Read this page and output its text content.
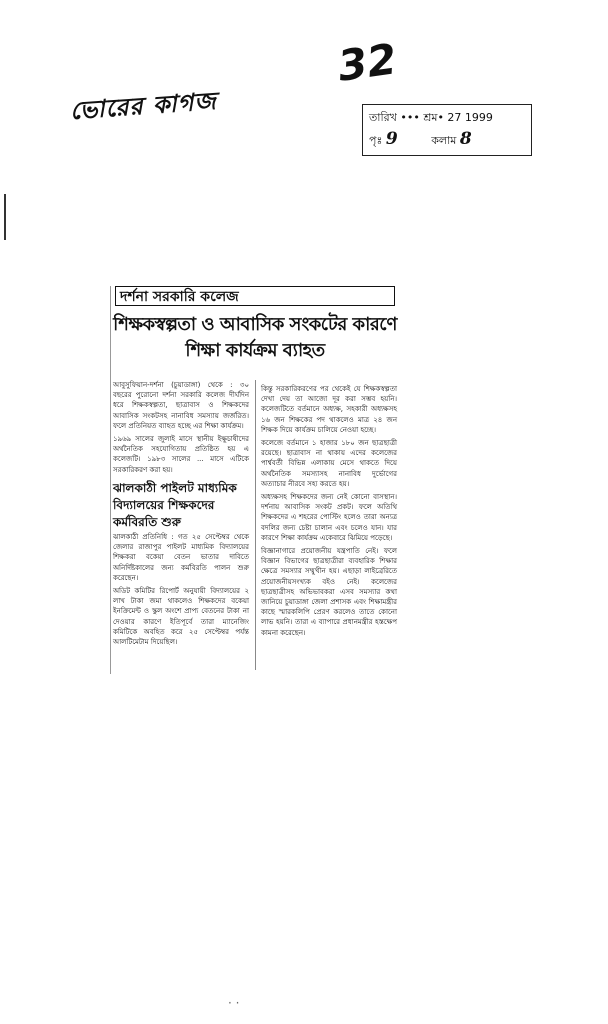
ভোরের কাগজ
32
তারিখ ••• শ্রম• 27 1999
পৃঃ 9	কলাম 8
দর্শনা সরকারি কলেজ
শিক্ষকস্বল্পতা ও আবাসিক সংকটের কারণে শিক্ষা কার্যক্রম ব্যাহত

আবুসুফিয়ান-দর্শনা (চুয়াডাঙ্গা) থেকে : ৩০ বছরের পুরোনো দর্শনা সরকারি কলেজ দীর্ঘদিন ধরে শিক্ষকস্বল্পতা, ছাত্রাবাস ও শিক্ষকদের আবাসিক সংকটসহ নানাবিধ সমস্যায় জর্জরিত। ফলে প্রতিনিয়ত ব্যাহত হচ্ছে এর শিক্ষা কার্যক্রম।

১৯৬৯ সালের জুলাই মাসে স্থানীয় ইক্ষুচাষীদের অর্থনৈতিক সহযোগিতায় প্রতিষ্ঠিত হয় এ কলেজটি। ১৯৮৩ সালের ... মাসে এটিকে সরকারিকরণ করা হয়।

ঝালকাঠী পাইলট মাধ্যমিক বিদ্যালয়ের শিক্ষকদের কর্মবিরতি শুরু

ঝালকাঠী প্রতিনিধি : গত ২৫ সেপ্টেম্বর থেকে জেলার রাজাপুর পাইলট মাধ্যমিক বিদ্যালয়ের শিক্ষকরা বকেয়া বেতন ভাতার দাবিতে অনির্দিষ্টকালের জন্য কর্মবিরতি পালন শুরু করেছেন।

অডিট কমিটির রিপোর্ট অনুযায়ী বিদ্যালয়ের ২ লাখ টাকা জমা থাকলেও শিক্ষকদের বকেয়া ইনক্রিমেন্ট ও স্কুল অংশে প্রাপ্য বেতনের টাকা না দেওয়ার কারণে ইতিপূর্বে তারা ম্যানেজিং কমিটিকে অবহিত করে ২৫ সেপ্টেম্বর পর্যন্ত আলটিমেটাম দিয়েছিল।

কিন্তু সরকারিকরণের পর থেকেই যে শিক্ষকস্বল্পতা দেখা দেয় তা আজো দূর করা সম্ভব হয়নি। কলেজটিতে বর্তমানে অধ্যক্ষ, সহকারী অধ্যক্ষসহ ১৬ জন শিক্ষকের পদ থাকলেও মাত্র ২৪ জন শিক্ষক দিয়ে কার্যক্রম চালিয়ে নেওয়া হচ্ছে।

কলেজে বর্তমানে ১ হাজার ১৮০ জন ছাত্রছাত্রী রয়েছে। ছাত্রাবাস না থাকায় এদের কলেজের পার্শ্ববর্তী বিভিন্ন এলাকায় মেসে থাকতে দিয়ে অর্থনৈতিক সমস্যাসহ নানাবিধ দুর্ভোগের অত্যাচার নীরবে সহ্য করতে হয়।

অধ্যক্ষসহ শিক্ষকদের জন্য নেই কোনো বাসস্থান। দর্শনায় আবাসিক সংকট প্রকট। ফলে অতিথি শিক্ষকদের এ শহরের পোস্টিং হলেও তারা অন্যত্র বদলির জন্য চেষ্টা চালান এবং চলেও যান। যার কারণে শিক্ষা কার্যক্রম একেবারে ঝিমিয়ে পড়েছে।

বিজ্ঞানাগারে প্রয়োজনীয় যন্ত্রপাতি নেই। ফলে বিজ্ঞান বিভাগের ছাত্রছাত্রীরা ব্যবহারিক শিক্ষার ক্ষেত্রে সমস্যার সম্মুখীন হয়। এছাড়া লাইব্রেরিতে প্রয়োজনীয়সংখ্যক বইও নেই। কলেজের ছাত্রছাত্রীসহ অভিভাবকরা এসব সমস্যার কথা জানিয়ে চুয়াডাঙ্গা জেলা প্রশাসক এবং শিক্ষামন্ত্রীর কাছে স্মারকলিপি প্রেরণ করলেও তাতে কোনো লাভ হয়নি। তারা এ ব্যাপারে প্রধানমন্ত্রীর হস্তক্ষেপ কামনা করেছেন।

· ·
